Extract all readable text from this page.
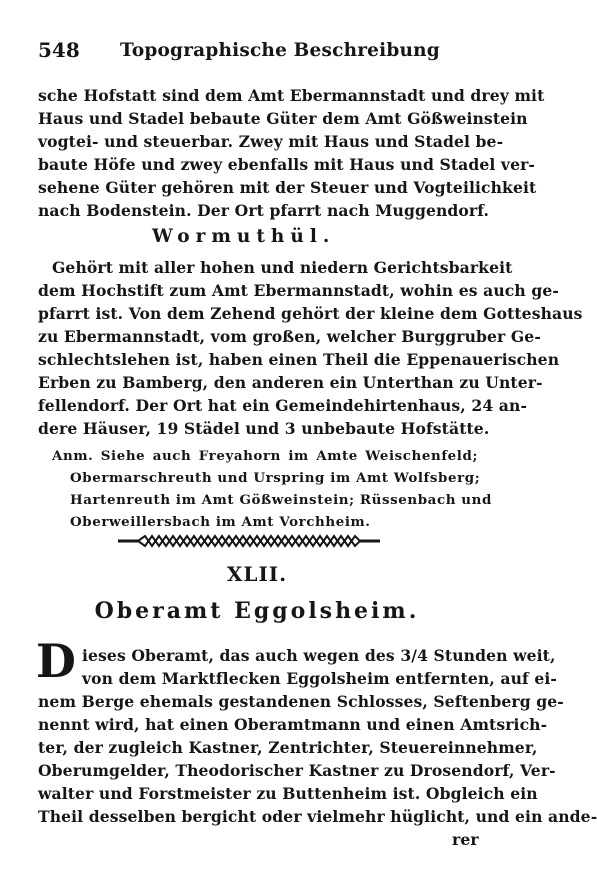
548 Topographische Beschreibung
sche Hofstatt sind dem Amt Ebermannstadt und drey mit
Haus und Stadel bebaute Güter dem Amt Gößweinstein
vogtei- und steuerbar. Zwey mit Haus und Stadel be-
baute Höfe und zwey ebenfalls mit Haus und Stadel ver-
sehene Güter gehören mit der Steuer und Vogteilichkeit
nach Bodenstein. Der Ort pfarrt nach Muggendorf.
Wormuthül.
Gehört mit aller hohen und niedern Gerichtsbarkeit
dem Hochstift zum Amt Ebermannstadt, wohin es auch ge-
pfarrt ist. Von dem Zehend gehört der kleine dem Gotteshaus
zu Ebermannstadt, vom großen, welcher Burggruber Ge-
schlechtslehen ist, haben einen Theil die Eppenauerischen
Erben zu Bamberg, den anderen ein Unterthan zu Unter-
fellendorf. Der Ort hat ein Gemeindehirtenhaus, 24 an-
dere Häuser, 19 Städel und 3 unbebaute Hofstätte.
Anm. Siehe auch Freyahorn im Amte Weischenfeld;
Obermarschreuth und Urspring im Amt Wolfsberg;
Hartenreuth im Amt Gößweinstein; Rüssenbach und
Oberweillersbach im Amt Vorchheim.
XLII.
Oberamt Eggolsheim.
D ieses Oberamt, das auch wegen des 3/4 Stunden weit,
von dem Marktflecken Eggolsheim entfernten, auf ei-
nem Berge ehemals gestandenen Schlosses, Seftenberg ge-
nennt wird, hat einen Oberamtmann und einen Amtsrich-
ter, der zugleich Kastner, Zentrichter, Steuereinnehmer,
Oberumgelder, Theodorischer Kastner zu Drosendorf, Ver-
walter und Forstmeister zu Buttenheim ist. Obgleich ein
Theil desselben bergicht oder vielmehr hüglicht, und ein ande-
rer
